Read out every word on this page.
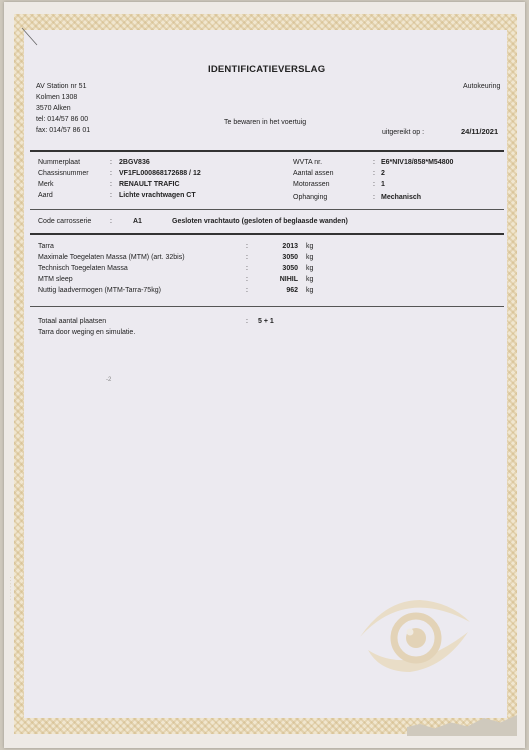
· · · · · · · ·
IDENTIFICATIEVERSLAG
AV Station nr 51
Kolmen 1308
3570 Alken
tel: 014/57 86 00
fax: 014/57 86 01
Autokeuring
Te bewaren in het voertuig
uitgereikt op :	24/11/2021
Nummerplaat	: 2BGV836
Chassisnummer	: VF1FL000868172688 / 12
Merk	: RENAULT TRAFIC
Aard	: Lichte vrachtwagen CT
WVTA nr.	: E6*NIV18/858*M54800
Aantal assen	: 2
Motorassen	: 1
Ophanging	: Mechanisch
Code carrosserie	:	A1	Gesloten vrachtauto (gesloten of beglaasde wanden)
Tarra	:	2013 kg
Maximale Toegelaten Massa (MTM) (art. 32bis)	:	3050 kg
Technisch Toegelaten Massa	:	3050 kg
MTM sleep	:	NIHIL kg
Nuttig laadvermogen (MTM-Tarra-75kg)	:	962 kg
Totaal aantal plaatsen	: 5 + 1
Tarra door weging en simulatie.
-2
